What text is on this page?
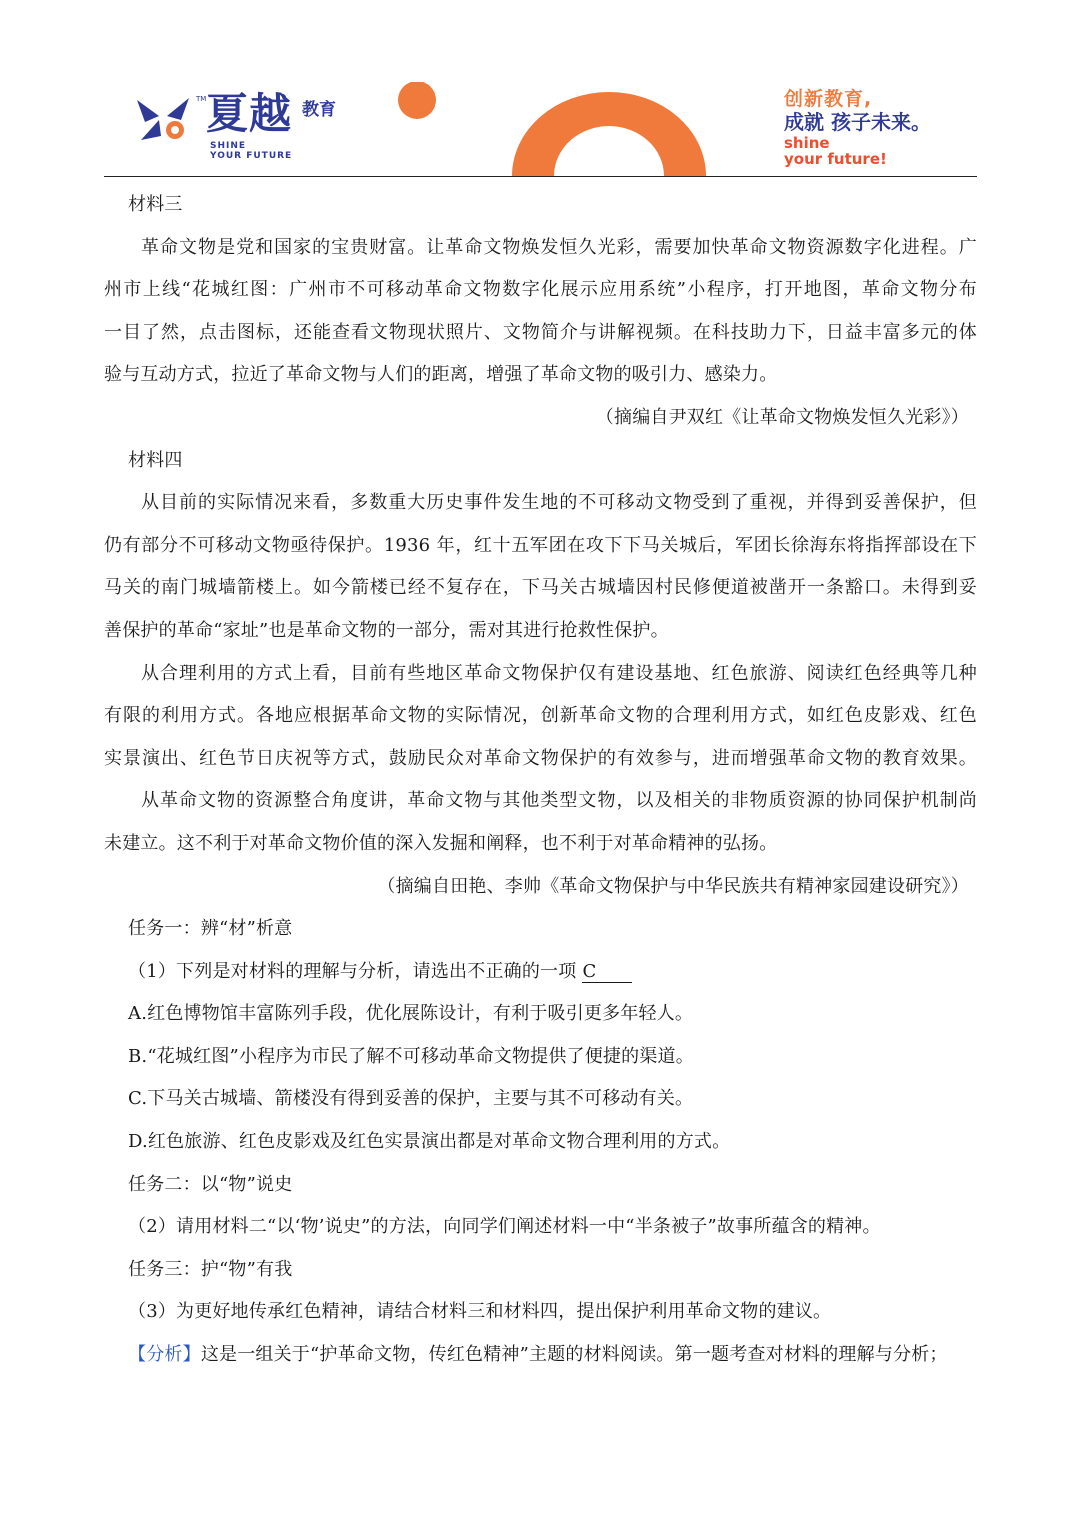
TM 夏越 教育
SHINE
YOUR FUTURE
创新教育,
成就 孩子未来。
shine
your future!
材料三
革命文物是党和国家的宝贵财富。让革命文物焕发恒久光彩，需要加快革命文物资源数字化进程。广
州市上线“花城红图：广州市不可移动革命文物数字化展示应用系统”小程序，打开地图，革命文物分布
一目了然，点击图标，还能查看文物现状照片、文物简介与讲解视频。在科技助力下，日益丰富多元的体
验与互动方式，拉近了革命文物与人们的距离，增强了革命文物的吸引力、感染力。
（摘编自尹双红《让革命文物焕发恒久光彩》）
材料四
从目前的实际情况来看，多数重大历史事件发生地的不可移动文物受到了重视，并得到妥善保护，但
仍有部分不可移动文物亟待保护。1936 年，红十五军团在攻下下马关城后，军团长徐海东将指挥部设在下
马关的南门城墙箭楼上。如今箭楼已经不复存在，下马关古城墙因村民修便道被凿开一条豁口。未得到妥
善保护的革命“家址”也是革命文物的一部分，需对其进行抢救性保护。
从合理利用的方式上看，目前有些地区革命文物保护仅有建设基地、红色旅游、阅读红色经典等几种
有限的利用方式。各地应根据革命文物的实际情况，创新革命文物的合理利用方式，如红色皮影戏、红色
实景演出、红色节日庆祝等方式，鼓励民众对革命文物保护的有效参与，进而增强革命文物的教育效果。
从革命文物的资源整合角度讲，革命文物与其他类型文物，以及相关的非物质资源的协同保护机制尚
未建立。这不利于对革命文物价值的深入发掘和阐释，也不利于对革命精神的弘扬。
（摘编自田艳、李帅《革命文物保护与中华民族共有精神家园建设研究》）
任务一：辨“材”析意
（1）下列是对材料的理解与分析，请选出不正确的一项 C
A.红色博物馆丰富陈列手段，优化展陈设计，有利于吸引更多年轻人。
B.“花城红图”小程序为市民了解不可移动革命文物提供了便捷的渠道。
C.下马关古城墙、箭楼没有得到妥善的保护，主要与其不可移动有关。
D.红色旅游、红色皮影戏及红色实景演出都是对革命文物合理利用的方式。
任务二：以“物”说史
（2）请用材料二“以‘物’说史”的方法，向同学们阐述材料一中“半条被子”故事所蕴含的精神。
任务三：护“物”有我
（3）为更好地传承红色精神，请结合材料三和材料四，提出保护利用革命文物的建议。
【分析】这是一组关于“护革命文物，传红色精神”主题的材料阅读。第一题考查对材料的理解与分析；
